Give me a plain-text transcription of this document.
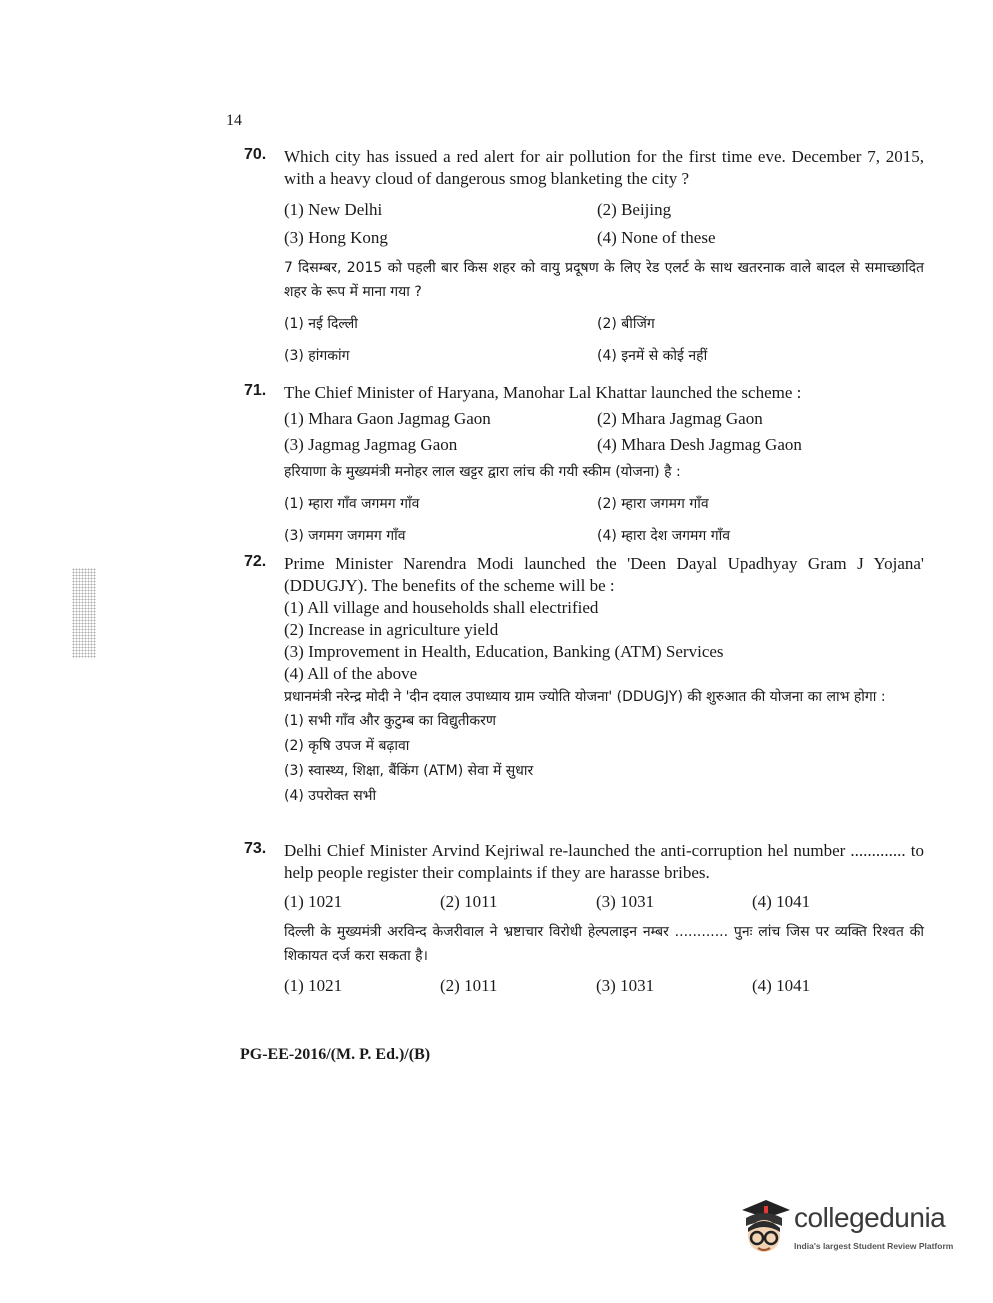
14
70. Which city has issued a red alert for air pollution for the first time eve. December 7, 2015, with a heavy cloud of dangerous smog blanketing the city ?
(1) New Delhi	(2) Beijing
(3) Hong Kong	(4) None of these
7 दिसम्बर, 2015 को पहली बार किस शहर को वायु प्रदूषण के लिए रेड एलर्ट के साथ खतरनाक वाले बादल से समाच्छादित शहर के रूप में माना गया ?
(1) नई दिल्ली	(2) बीजिंग
(3) हांगकांग	(4) इनमें से कोई नहीं
71. The Chief Minister of Haryana, Manohar Lal Khattar launched the scheme :
(1) Mhara Gaon Jagmag Gaon	(2) Mhara Jagmag Gaon
(3) Jagmag Jagmag Gaon	(4) Mhara Desh Jagmag Gaon
हरियाणा के मुख्यमंत्री मनोहर लाल खट्टर द्वारा लांच की गयी स्कीम (योजना) है :
(1) म्हारा गाँव जगमग गाँव	(2) म्हारा जगमग गाँव
(3) जगमग जगमग गाँव	(4) म्हारा देश जगमग गाँव
72. Prime Minister Narendra Modi launched the 'Deen Dayal Upadhyay Gram J Yojana' (DDUGJY). The benefits of the scheme will be :
(1) All village and households shall electrified
(2) Increase in agriculture yield
(3) Improvement in Health, Education, Banking (ATM) Services
(4) All of the above
प्रधानमंत्री नरेन्द्र मोदी ने 'दीन दयाल उपाध्याय ग्राम ज्योति योजना' (DDUGJY) की शुरुआत की योजना का लाभ होगा :
(1) सभी गाँव और कुटुम्ब का विद्युतीकरण
(2) कृषि उपज में बढ़ावा
(3) स्वास्थ्य, शिक्षा, बैंकिंग (ATM) सेवा में सुधार
(4) उपरोक्त सभी
73. Delhi Chief Minister Arvind Kejriwal re-launched the anti-corruption hel number ............. to help people register their complaints if they are harasse bribes.
(1) 1021	(2) 1011	(3) 1031	(4) 1041
दिल्ली के मुख्यमंत्री अरविन्द केजरीवाल ने भ्रष्टाचार विरोधी हेल्पलाइन नम्बर ............ पुनः लांच जिस पर व्यक्ति रिश्वत की शिकायत दर्ज करा सकता है।
(1) 1021	(2) 1011	(3) 1031	(4) 1041
PG-EE-2016/(M. P. Ed.)/(B)
collegedunia
India's largest Student Review Platform
